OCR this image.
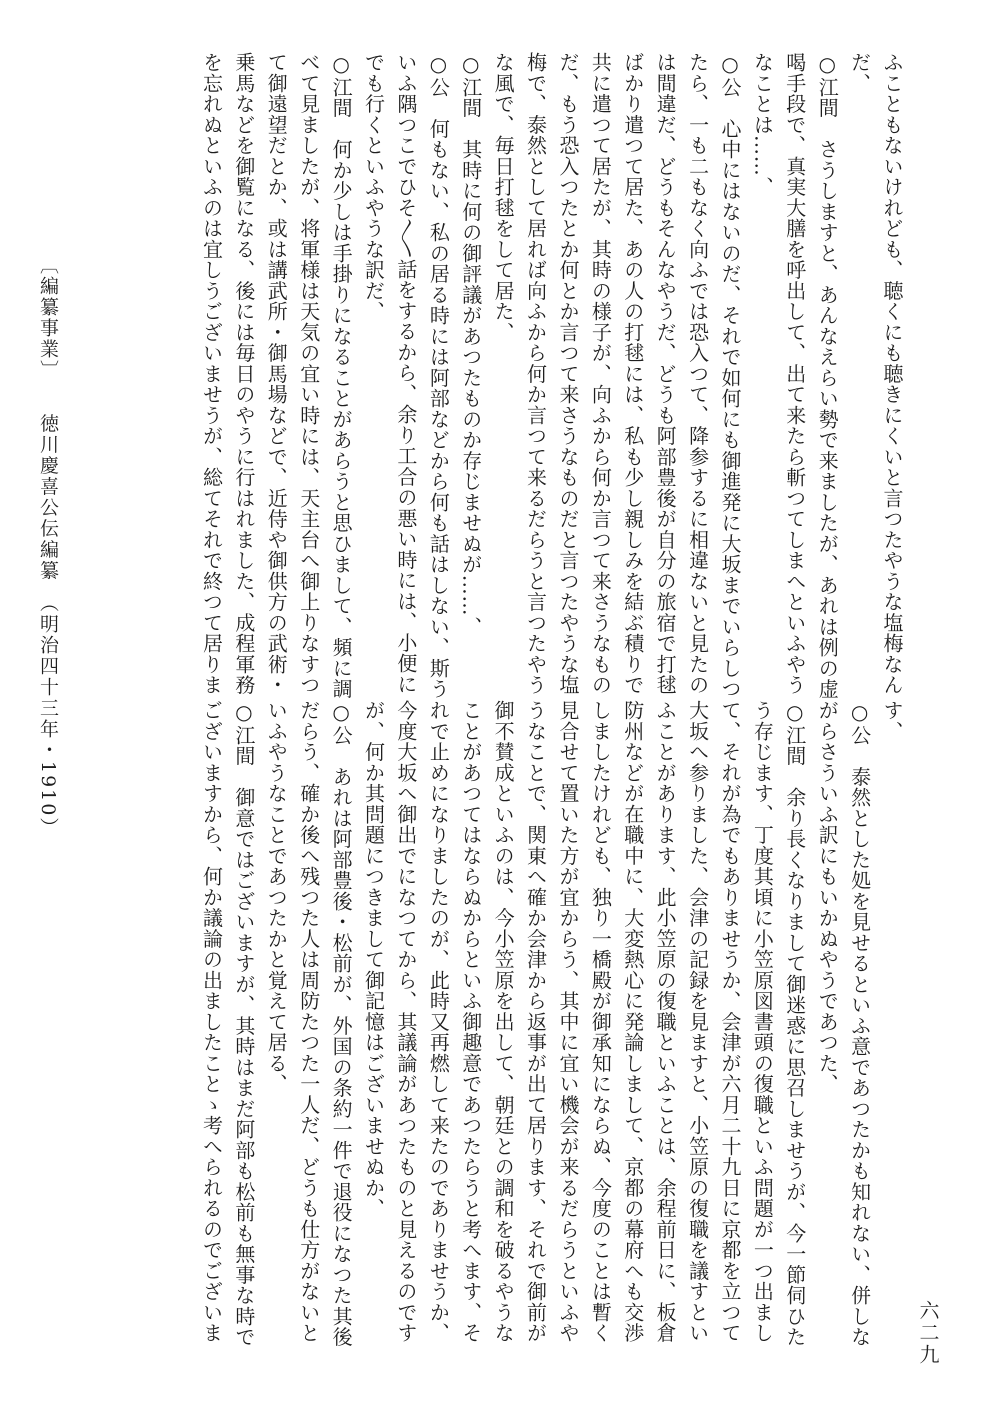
ふこともないけれども、聴くにも聴きにくいと言つたやうな塩梅なん
だ、
○江間　さうしますと、あんなえらい勢で来ましたが、あれは例の虚
喝手段で、真実大膳を呼出して、出て来たら斬つてしまへといふやう
なことは……、
○公　心中にはないのだ、それで如何にも御進発に大坂までいらしつ
たら、一も二もなく向ふでは恐入つて、降参するに相違ないと見たの
は間違だ、どうもそんなやうだ、どうも阿部豊後が自分の旅宿で打毬
ばかり遣つて居た、あの人の打毬には、私も少し親しみを結ぶ積りで
共に遣つて居たが、其時の様子が、向ふから何か言つて来さうなもの
だ、もう恐入つたとか何とか言つて来さうなものだと言つたやうな塩
梅で、泰然として居れば向ふから何か言つて来るだらうと言つたやう
な風で、毎日打毬をして居た、
○江間　其時に何の御評議があつたものか存じませぬが……、
○公　何もない、私の居る時には阿部などから何も話はしない、斯う
いふ隅つこでひそ〳〵話をするから、余り工合の悪い時には、小便に
でも行くといふやうな訳だ、
○江間　何か少しは手掛りになることがあらうと思ひまして、頻に調
べて見ましたが、将軍様は天気の宜い時には、天主台へ御上りなすつ
て御遠望だとか、或は講武所・御馬場などで、近侍や御供方の武術・
乗馬などを御覧になる、後には毎日のやうに行はれました、成程軍務
を忘れぬといふのは宜しうございませうが、総てそれで終つて居りま
す、
○公　泰然とした処を見せるといふ意であつたかも知れない、併しな
がらさういふ訳にもいかぬやうであつた、
○江間　余り長くなりまして御迷惑に思召しませうが、今一節伺ひた
う存じます、丁度其頃に小笠原図書頭の復職といふ問題が一つ出まし
て、それが為でもありませうか、会津が六月二十九日に京都を立つて
大坂へ参りました、会津の記録を見ますと、小笠原の復職を議すとい
ふことがあります、此小笠原の復職といふことは、余程前日に、板倉
防州などが在職中に、大変熱心に発論しまして、京都の幕府へも交渉
しましたけれども、独り一橋殿が御承知にならぬ、今度のことは暫く
見合せて置いた方が宜からう、其中に宜い機会が来るだらうといふや
うなことで、関東へ確か会津から返事が出て居ります、それで御前が
御不賛成といふのは、今小笠原を出して、朝廷との調和を破るやうな
ことがあつてはならぬからといふ御趣意であつたらうと考へます、そ
れで止めになりましたのが、此時又再燃して来たのでありませうか、
今度大坂へ御出でになつてから、其議論があつたものと見えるのです
が、何か其問題につきまして御記憶はございませぬか、
○公　あれは阿部豊後・松前が、外国の条約一件で退役になつた其後
だらう、確か後へ残つた人は周防たつた一人だ、どうも仕方がないと
いふやうなことであつたかと覚えて居る、
○江間　御意ではございますが、其時はまだ阿部も松前も無事な時で
ございますから、何か議論の出ましたことゝ考へられるのでございま
〔編纂事業〕　　徳川慶喜公伝編纂　（明治四十三年・1910）
六二九
